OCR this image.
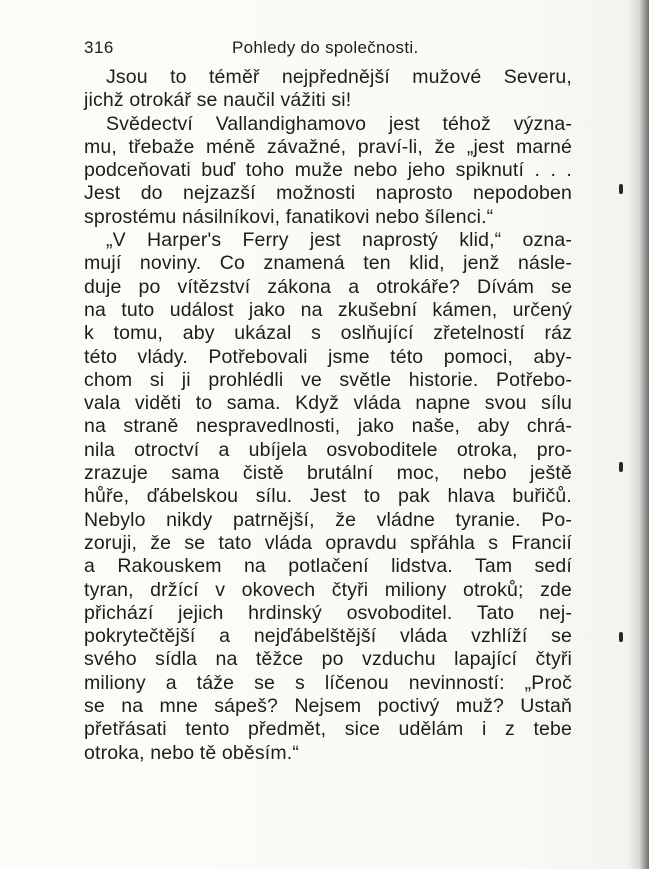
316	Pohledy do společnosti.
Jsou to téměř nejpřednější mužové Severu,
jichž otrokář se naučil vážiti si!
Svědectví Vallandighamovo jest téhož význa-
mu, třebaže méně závažné, praví-li, že „jest marné
podceňovati buď toho muže nebo jeho spiknutí . . .
Jest do nejzazší možnosti naprosto nepodoben
sprostému násilníkovi, fanatikovi nebo šílenci.“
„V Harper's Ferry jest naprostý klid,“ ozna-
mují noviny. Co znamená ten klid, jenž násle-
duje po vítězství zákona a otrokáře? Dívám se
na tuto událost jako na zkušební kámen, určený
k tomu, aby ukázal s oslňující zřetelností ráz
této vlády. Potřebovali jsme této pomoci, aby-
chom si ji prohlédli ve světle historie. Potřebo-
vala viděti to sama. Když vláda napne svou sílu
na straně nespravedlnosti, jako naše, aby chrá-
nila otroctví a ubíjela osvoboditele otroka, pro-
zrazuje sama čistě brutální moc, nebo ještě
hůře, ďábelskou sílu. Jest to pak hlava buřičů.
Nebylo nikdy patrnější, že vládne tyranie. Po-
zoruji, že se tato vláda opravdu spřáhla s Francií
a Rakouskem na potlačení lidstva. Tam sedí
tyran, držící v okovech čtyři miliony otroků; zde
přichází jejich hrdinský osvoboditel. Tato nej-
pokrytečtější a nejďábelštější vláda vzhlíží se
svého sídla na těžce po vzduchu lapající čtyři
miliony a táže se s líčenou nevinností: „Proč
se na mne sápeš? Nejsem poctivý muž? Ustaň
přetřásati tento předmět, sice udělám i z tebe
otroka, nebo tě oběsím.“
